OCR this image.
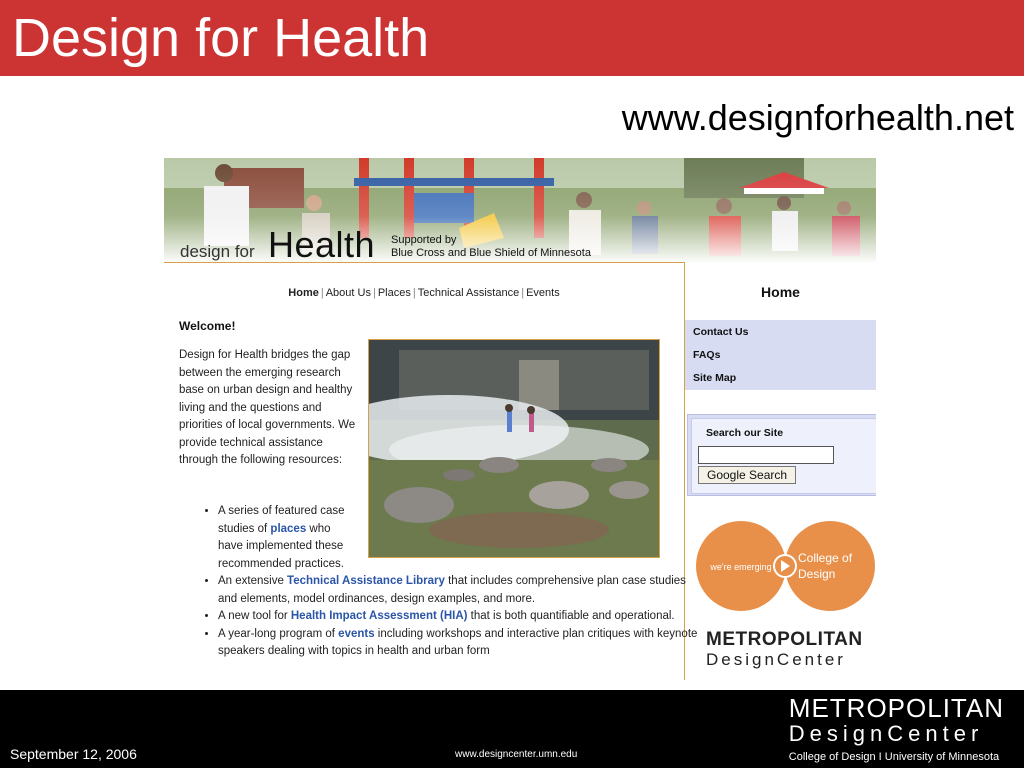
Design for Health
www.designforhealth.net
design for Health Supported by
Blue Cross and Blue Shield of Minnesota
Home | About Us | Places | Technical Assistance | Events
Welcome!
Design for Health bridges the gap between the emerging research base on urban design and healthy living and the questions and priorities of local governments. We provide technical assistance through the following resources:
• A series of featured case studies of places who have implemented these recommended practices.
• An extensive Technical Assistance Library that includes comprehensive plan case studies and elements, model ordinances, design examples, and more.
• A new tool for Health Impact Assessment (HIA) that is both quantifiable and operational.
• A year-long program of events including workshops and interactive plan critiques with keynote speakers dealing with topics in health and urban form
Home
Contact Us
FAQs
Site Map
Search our Site
Google Search
we're emerging
College of
Design
METROPOLITAN
DesignCenter
September 12, 2006	www.designcenter.umn.edu
METROPOLITAN
DesignCenter
College of Design I University of Minnesota
